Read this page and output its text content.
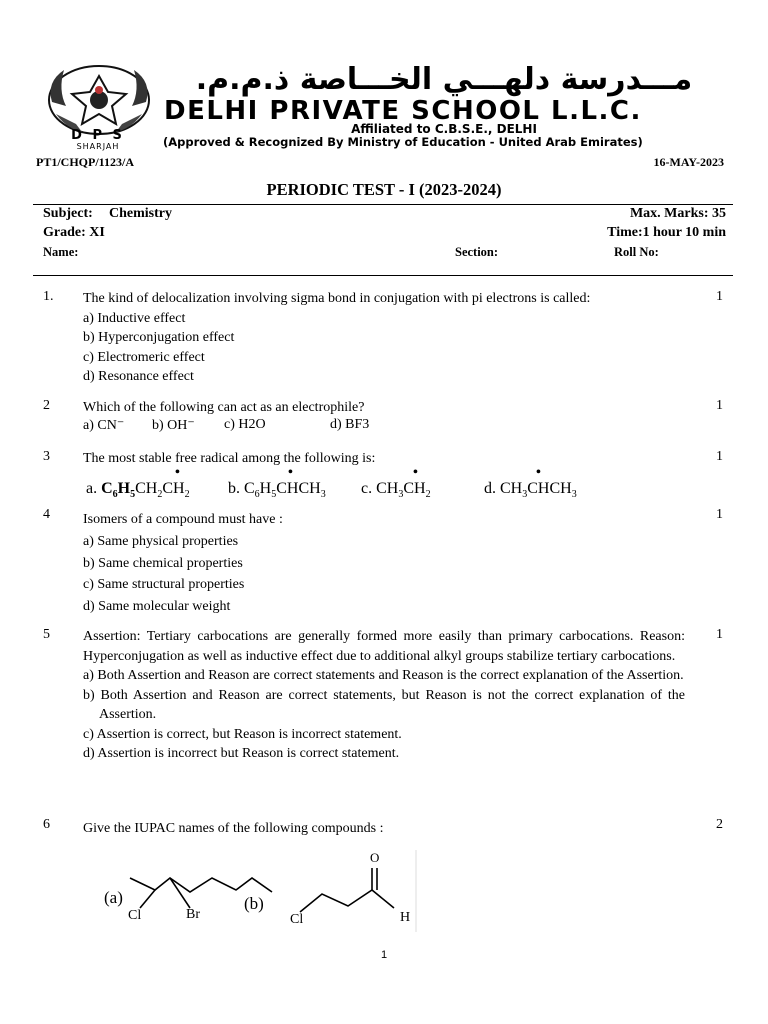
D P S
SHARJAH
مـــدرسة دلهـــي الخـــاصة ذ.م.م.
DELHI PRIVATE SCHOOL L.L.C.
Affiliated to C.B.S.E., DELHI
(Approved & Recognized By Ministry of Education - United Arab Emirates)
PT1/CHQP/1123/A	16-MAY-2023
PERIODIC TEST - I (2023-2024)
Subject: Chemistry	Max. Marks: 35
Grade: XI	Time:1 hour 10 min
Name:	Section:	Roll No:
1.	1
The kind of delocalization involving sigma bond in conjugation with pi electrons is called:
a) Inductive effect
b) Hyperconjugation effect
c) Electromeric effect
d) Resonance effect
2	1
Which of the following can act as an electrophile?
a) CN⁻ b) OH⁻ c) H2O	d) BF3
3	1
The most stable free radical among the following is:
a. $C_6H_5CH_2CH_2$
•
b. $C_6H_5CHCH_3$
•
c. $CH_3CH_2$
•
d. $CH_3CHCH_3$
•
4	1
Isomers of a compound must have :
a) Same physical properties
b) Same chemical properties
c) Same structural properties
d) Same molecular weight
5	1
Assertion: Tertiary carbocations are generally formed more easily than primary carbocations. Reason: Hyperconjugation as well as inductive effect due to additional alkyl groups stabilize tertiary carbocations.
a) Both Assertion and Reason are correct statements and Reason is the correct explanation of the Assertion.
b) Both Assertion and Reason are correct statements, but Reason is not the correct explanation of the Assertion.
c) Assertion is correct, but Reason is incorrect statement.
d) Assertion is incorrect but Reason is correct statement.
6	2
Give the IUPAC names of the following compounds :
(a)
Cl	Br
(b)
O
Cl	H
1
